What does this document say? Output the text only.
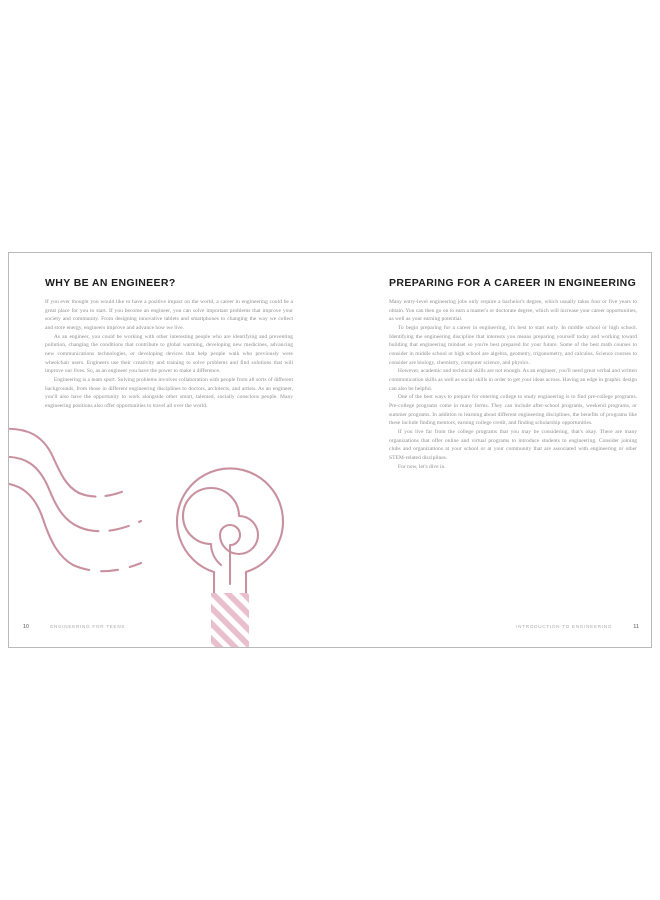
WHY BE AN ENGINEER?

If you ever thought you would like to have a positive impact on the world, a career in engineering could be a great place for you to start. If you become an engineer, you can solve important problems that improve your society and community. From designing innovative tablets and smartphones to changing the way we collect and store energy, engineers improve and advance how we live.

As an engineer, you could be working with other interesting people who are identifying and preventing pollution, changing the conditions that contribute to global warming, developing new medicines, advancing new communications technologies, or developing devices that help people walk who previously were wheelchair users. Engineers use their creativity and training to solve problems and find solutions that will improve our lives. So, as an engineer you have the power to make a difference.

Engineering is a team sport. Solving problems involves collaboration with people from all sorts of different backgrounds, from those in different engineering disciplines to doctors, architects, and artists. As an engineer, you'll also have the opportunity to work alongside other smart, talented, socially conscious people. Many engineering positions also offer opportunities to travel all over the world.

10	ENGINEERING FOR TEENS
PREPARING FOR A CAREER IN ENGINEERING

Many entry-level engineering jobs only require a bachelor's degree, which usually takes four or five years to obtain. You can then go on to earn a master's or doctorate degree, which will increase your career opportunities, as well as your earning potential.

To begin preparing for a career in engineering, it's best to start early. In middle school or high school. Identifying the engineering discipline that interests you means preparing yourself today and working toward building that engineering mindset so you're best prepared for your future. Some of the best math courses to consider in middle school or high school are algebra, geometry, trigonometry, and calculus. Science courses to consider are biology, chemistry, computer science, and physics.

However, academic and technical skills are not enough. As an engineer, you'll need great verbal and written communication skills as well as social skills in order to get your ideas across. Having an edge in graphic design can also be helpful.

One of the best ways to prepare for entering college to study engineering is to find pre-college programs. Pre-college programs come in many forms. They can include after-school programs, weekend programs, or summer programs. In addition to learning about different engineering disciplines, the benefits of programs like these include finding mentors, earning college credit, and finding scholarship opportunities.

If you live far from the college programs that you may be considering, that's okay. There are many organizations that offer online and virtual programs to introduce students to engineering. Consider joining clubs and organizations at your school or at your community that are associated with engineering or other STEM-related disciplines.

For now, let's dive in.

INTRODUCTION TO ENGINEERING	11
